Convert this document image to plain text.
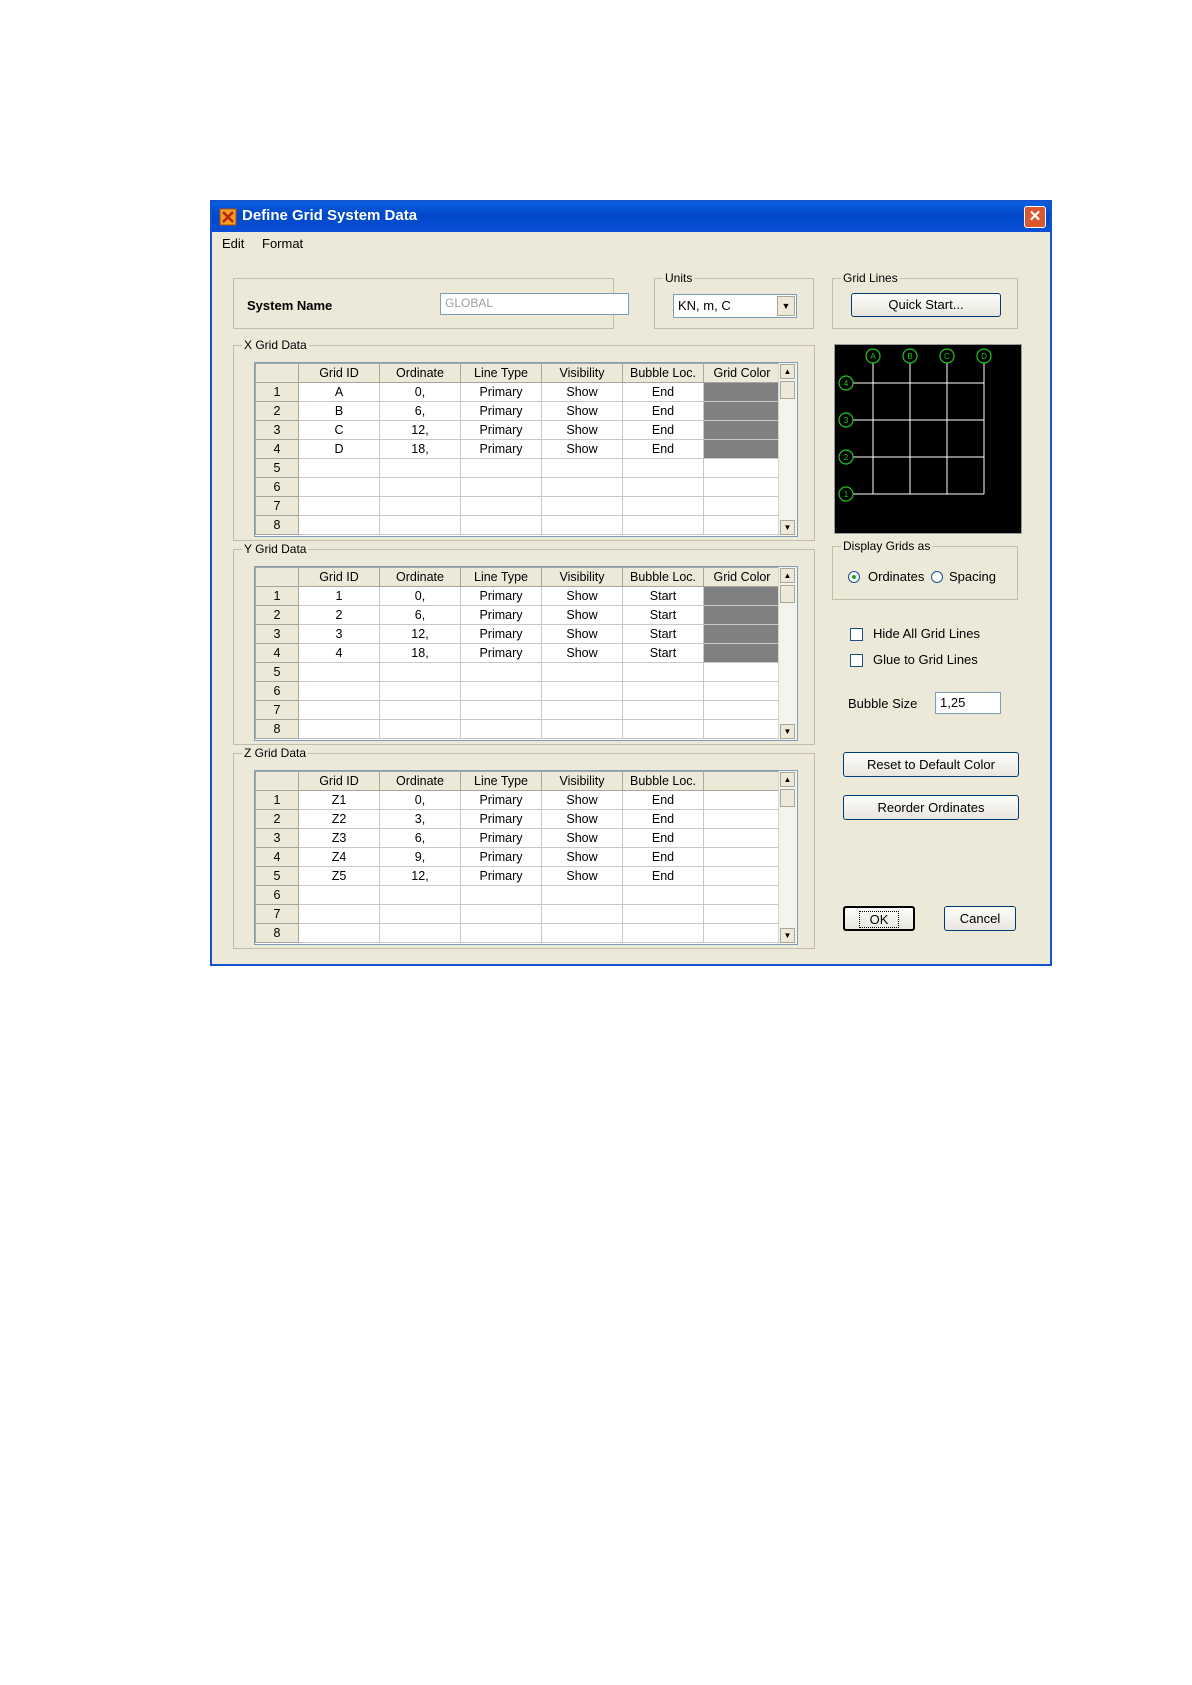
Define Grid System Data	✕
Edit Format
System Name	GLOBAL
Units
KN, m, C	▼
Grid Lines
Quick Start...
X Grid Data
	Grid ID	Ordinate	Line Type	Visibility	Bubble Loc.	Grid Color
1	A	0,	Primary	Show	End	
2	B	6,	Primary	Show	End	
3	C	12,	Primary	Show	End	
4	D	18,	Primary	Show	End	
5						
6						
7						
8						
▲
▼
Y Grid Data
	Grid ID	Ordinate	Line Type	Visibility	Bubble Loc.	Grid Color
1	1	0,	Primary	Show	Start	
2	2	6,	Primary	Show	Start	
3	3	12,	Primary	Show	Start	
4	4	18,	Primary	Show	Start	
5						
6						
7						
8						
▲
▼
Z Grid Data
	Grid ID	Ordinate	Line Type	Visibility	Bubble Loc.	
1	Z1	0,	Primary	Show	End	
2	Z2	3,	Primary	Show	End	
3	Z3	6,	Primary	Show	End	
4	Z4	9,	Primary	Show	End	
5	Z5	12,	Primary	Show	End	
6						
7						
8						
▲
▼
A	B	C	D
4
3
2
1
Display Grids as
Ordinates Spacing
Hide All Grid Lines
Glue to Grid Lines
Bubble Size	1,25
Reset to Default Color
Reorder Ordinates
OK	Cancel
